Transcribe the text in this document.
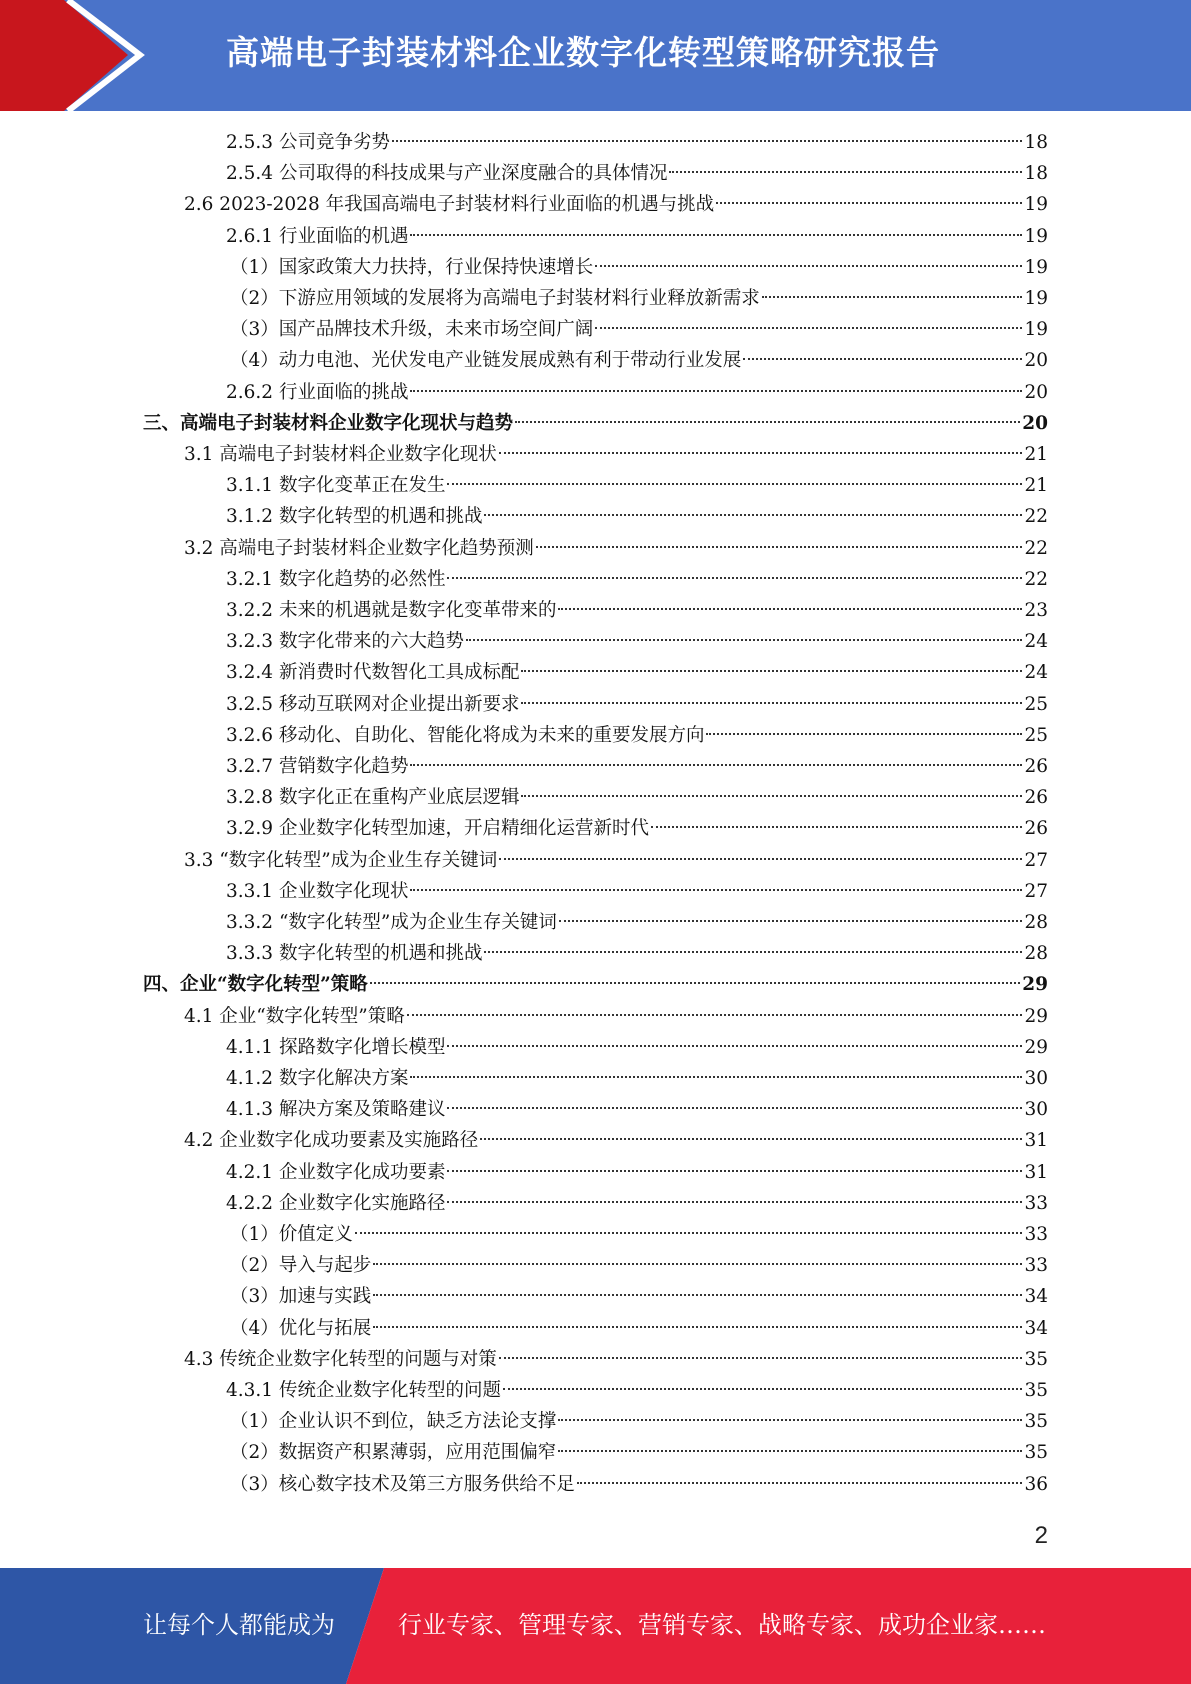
高端电子封装材料企业数字化转型策略研究报告
2.5.3 公司竞争劣势	18
2.5.4 公司取得的科技成果与产业深度融合的具体情况	18
2.6 2023-2028 年我国高端电子封装材料行业面临的机遇与挑战	19
2.6.1 行业面临的机遇	19
（1）国家政策大力扶持，行业保持快速增长	19
（2）下游应用领域的发展将为高端电子封装材料行业释放新需求	19
（3）国产品牌技术升级，未来市场空间广阔	19
（4）动力电池、光伏发电产业链发展成熟有利于带动行业发展	20
2.6.2 行业面临的挑战	20
三、高端电子封装材料企业数字化现状与趋势	20
3.1 高端电子封装材料企业数字化现状	21
3.1.1 数字化变革正在发生	21
3.1.2 数字化转型的机遇和挑战	22
3.2 高端电子封装材料企业数字化趋势预测	22
3.2.1 数字化趋势的必然性	22
3.2.2 未来的机遇就是数字化变革带来的	23
3.2.3 数字化带来的六大趋势	24
3.2.4 新消费时代数智化工具成标配	24
3.2.5 移动互联网对企业提出新要求	25
3.2.6 移动化、自助化、智能化将成为未来的重要发展方向	25
3.2.7 营销数字化趋势	26
3.2.8 数字化正在重构产业底层逻辑	26
3.2.9 企业数字化转型加速，开启精细化运营新时代	26
3.3 “数字化转型”成为企业生存关键词	27
3.3.1 企业数字化现状	27
3.3.2 “数字化转型”成为企业生存关键词	28
3.3.3 数字化转型的机遇和挑战	28
四、企业“数字化转型”策略	29
4.1 企业“数字化转型”策略	29
4.1.1 探路数字化增长模型	29
4.1.2 数字化解决方案	30
4.1.3 解决方案及策略建议	30
4.2 企业数字化成功要素及实施路径	31
4.2.1 企业数字化成功要素	31
4.2.2 企业数字化实施路径	33
（1）价值定义	33
（2）导入与起步	33
（3）加速与实践	34
（4）优化与拓展	34
4.3 传统企业数字化转型的问题与对策	35
4.3.1 传统企业数字化转型的问题	35
（1）企业认识不到位，缺乏方法论支撑	35
（2）数据资产积累薄弱，应用范围偏窄	35
（3）核心数字技术及第三方服务供给不足	36
2
让每个人都能成为	行业专家、管理专家、营销专家、战略专家、成功企业家……
